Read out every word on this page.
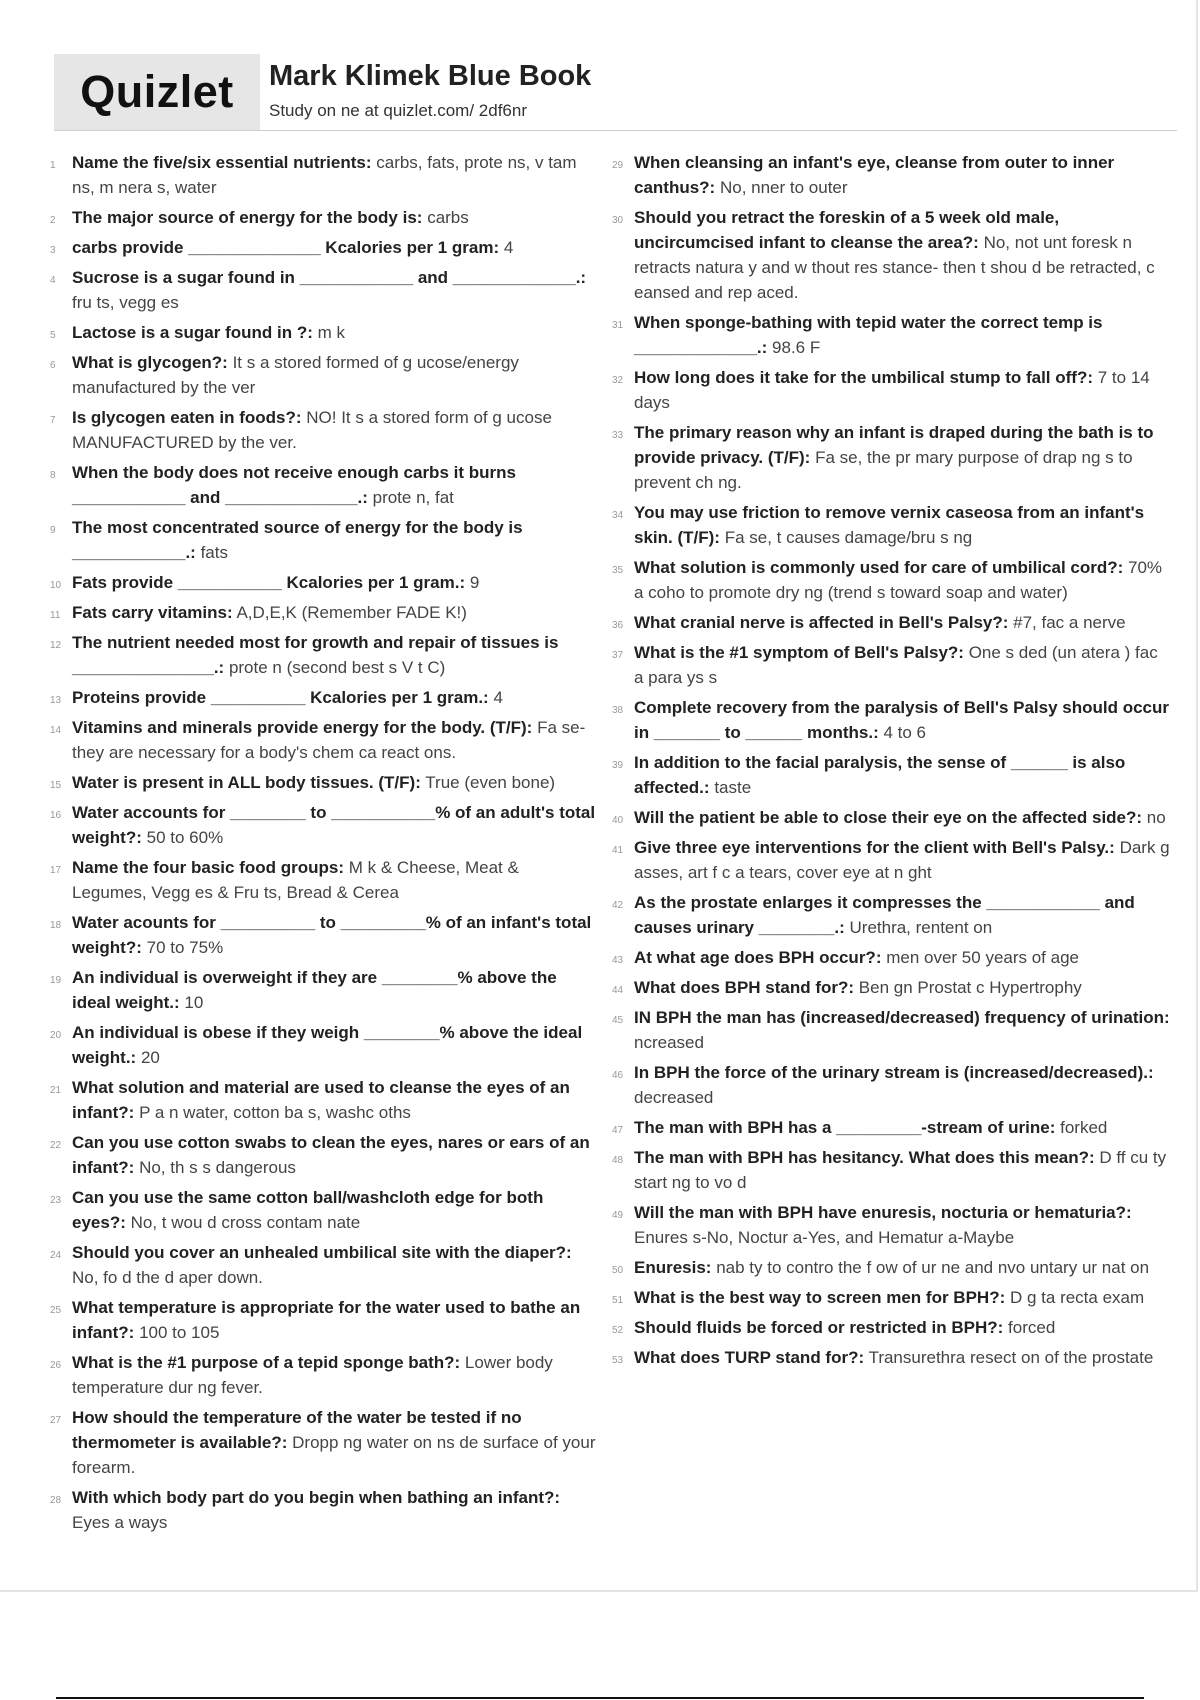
Quizlet Mark Klimek Blue Book
Study on ne at quizlet.com/ 2df6nr
1 Name the five/six essential nutrients: carbs, fats, prote ns, v tam ns, m nera s, water
2 The major source of energy for the body is: carbs
3 carbs provide ______________ Kcalories per 1 gram: 4
4 Sucrose is a sugar found in ____________ and _____________.: fru ts, vegg es
5 Lactose is a sugar found in ?: m k
6 What is glycogen?: It s a stored formed of g ucose/energy manufactured by the ver
7 Is glycogen eaten in foods?: NO! It s a stored form of g ucose MANUFACTURED by the ver.
8 When the body does not receive enough carbs it burns ____________ and ______________.: prote n, fat
9 The most concentrated source of energy for the body is ____________.: fats
10 Fats provide ___________ Kcalories per 1 gram.: 9
11 Fats carry vitamins: A,D,E,K (Remember FADE K!)
12 The nutrient needed most for growth and repair of tissues is _______________.: prote n (second best s V t C)
13 Proteins provide __________ Kcalories per 1 gram.: 4
14 Vitamins and minerals provide energy for the body. (T/F): Fa se- they are necessary for a body's chem ca react ons.
15 Water is present in ALL body tissues. (T/F): True (even bone)
16 Water accounts for ________ to ___________% of an adult's total weight?: 50 to 60%
17 Name the four basic food groups: M k & Cheese, Meat & Legumes, Vegg es & Fru ts, Bread & Cerea
18 Water acounts for __________ to _________% of an infant's total weight?: 70 to 75%
19 An individual is overweight if they are ________% above the ideal weight.: 10
20 An individual is obese if they weigh ________% above the ideal weight.: 20
21 What solution and material are used to cleanse the eyes of an infant?: P a n water, cotton ba s, washc oths
22 Can you use cotton swabs to clean the eyes, nares or ears of an infant?: No, th s s dangerous
23 Can you use the same cotton ball/washcloth edge for both eyes?: No, t wou d cross contam nate
24 Should you cover an unhealed umbilical site with the diaper?: No, fo d the d aper down.
25 What temperature is appropriate for the water used to bathe an infant?: 100 to 105
26 What is the #1 purpose of a tepid sponge bath?: Lower body temperature dur ng fever.
27 How should the temperature of the water be tested if no thermometer is available?: Dropp ng water on ns de surface of your forearm.
28 With which body part do you begin when bathing an infant?: Eyes a ways
29 When cleansing an infant's eye, cleanse from outer to inner canthus?: No, nner to outer
30 Should you retract the foreskin of a 5 week old male, uncircumcised infant to cleanse the area?: No, not unt foresk n retracts natura y and w thout res stance- then t shou d be retracted, c eansed and rep aced.
31 When sponge-bathing with tepid water the correct temp is _____________.: 98.6 F
32 How long does it take for the umbilical stump to fall off?: 7 to 14 days
33 The primary reason why an infant is draped during the bath is to provide privacy. (T/F): Fa se, the pr mary purpose of drap ng s to prevent ch ng.
34 You may use friction to remove vernix caseosa from an infant's skin. (T/F): Fa se, t causes damage/bru s ng
35 What solution is commonly used for care of umbilical cord?: 70% a coho to promote dry ng (trend s toward soap and water)
36 What cranial nerve is affected in Bell's Palsy?: #7, fac a nerve
37 What is the #1 symptom of Bell's Palsy?: One s ded (un atera ) fac a para ys s
38 Complete recovery from the paralysis of Bell's Palsy should occur in _______ to ______ months.: 4 to 6
39 In addition to the facial paralysis, the sense of ______ is also affected.: taste
40 Will the patient be able to close their eye on the affected side?: no
41 Give three eye interventions for the client with Bell's Palsy.: Dark g asses, art f c a tears, cover eye at n ght
42 As the prostate enlarges it compresses the ____________ and causes urinary ________.: Urethra, rentent on
43 At what age does BPH occur?: men over 50 years of age
44 What does BPH stand for?: Ben gn Prostat c Hypertrophy
45 IN BPH the man has (increased/decreased) frequency of urination: ncreased
46 In BPH the force of the urinary stream is (increased/decreased).: decreased
47 The man with BPH has a _________-stream of urine: forked
48 The man with BPH has hesitancy. What does this mean?: D ff cu ty start ng to vo d
49 Will the man with BPH have enuresis, nocturia or hematuria?: Enures s-No, Noctur a-Yes, and Hematur a-Maybe
50 Enuresis: nab ty to contro the f ow of ur ne and nvo untary ur nat on
51 What is the best way to screen men for BPH?: D g ta recta exam
52 Should fluids be forced or restricted in BPH?: forced
53 What does TURP stand for?: Transurethra resect on of the prostate
